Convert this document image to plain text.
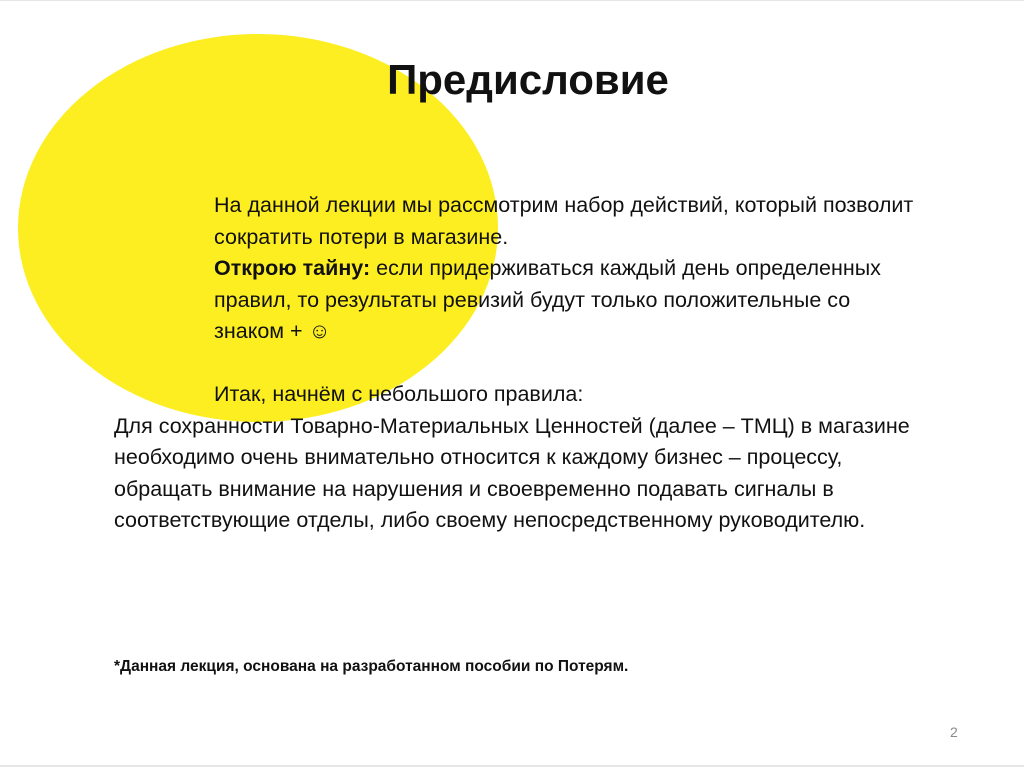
Предисловие

На данной лекции мы рассмотрим набор действий, который позволит сократить потери в магазине.

Открою тайну: если придерживаться каждый день определенных правил, то результаты ревизий будут только положительные со знаком + ☺

Итак, начнём с небольшого правила:

Для сохранности Товарно-Материальных Ценностей (далее – ТМЦ) в магазине необходимо очень внимательно относится к каждому бизнес – процессу, обращать внимание на нарушения и своевременно подавать сигналы в соответствующие отделы, либо своему непосредственному руководителю.

*Данная лекция, основана на разработанном пособии по Потерям.
2
